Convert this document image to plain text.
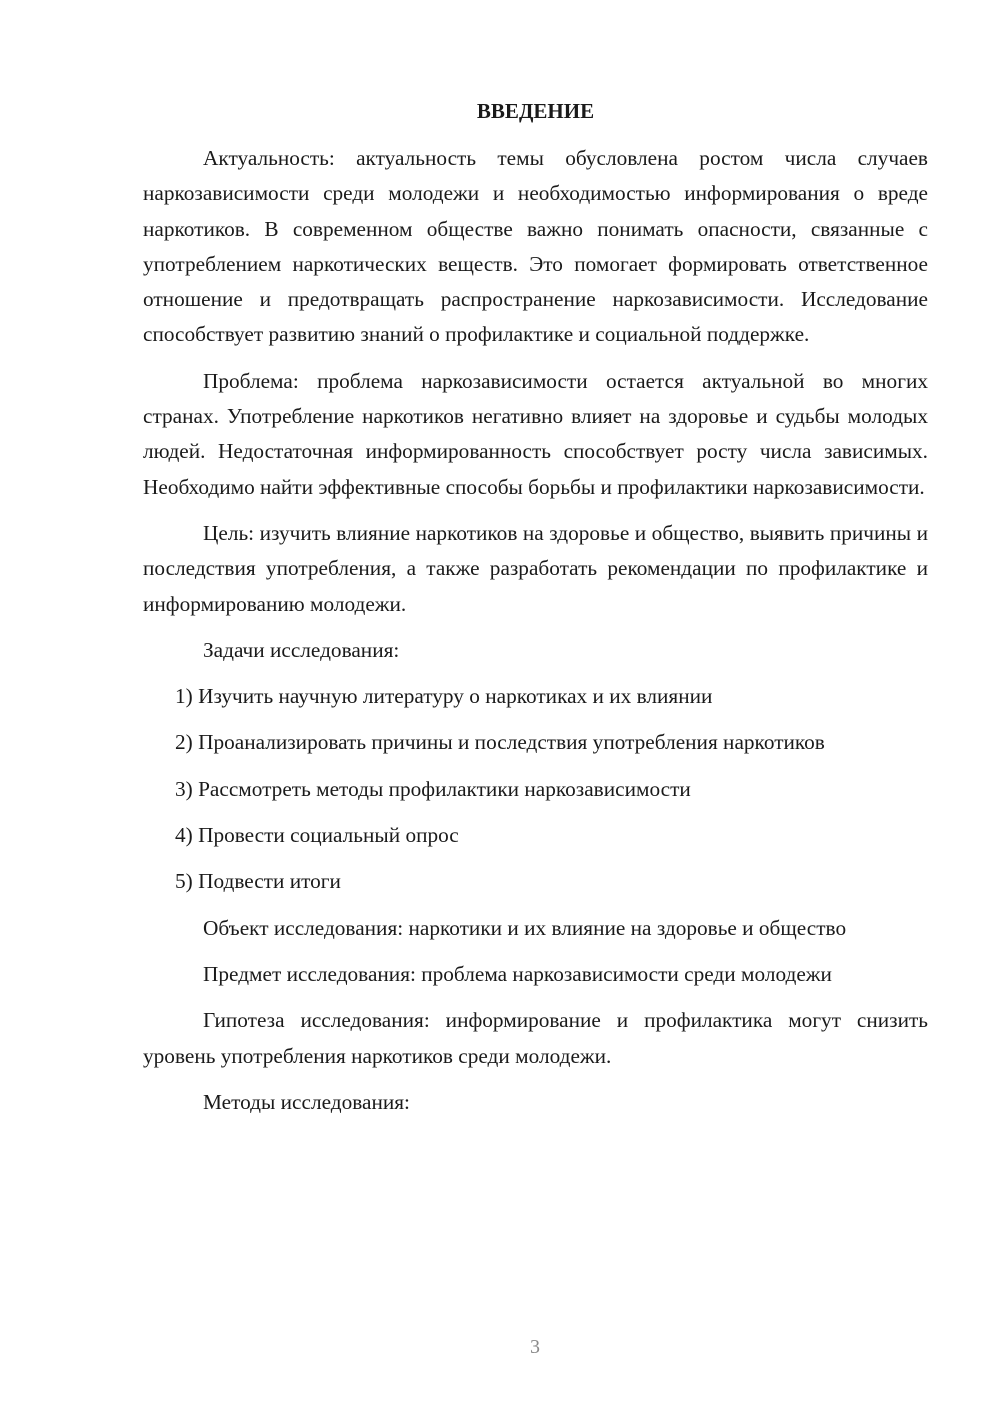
ВВЕДЕНИЕ

Актуальность: актуальность темы обусловлена ростом числа случаев наркозависимости среди молодежи и необходимостью информирования о вреде наркотиков. В современном обществе важно понимать опасности, связанные с употреблением наркотических веществ. Это помогает формировать ответственное отношение и предотвращать распространение наркозависимости. Исследование способствует развитию знаний о профилактике и социальной поддержке.

Проблема: проблема наркозависимости остается актуальной во многих странах. Употребление наркотиков негативно влияет на здоровье и судьбы молодых людей. Недостаточная информированность способствует росту числа зависимых. Необходимо найти эффективные способы борьбы и профилактики наркозависимости.

Цель: изучить влияние наркотиков на здоровье и общество, выявить причины и последствия употребления, а также разработать рекомендации по профилактике и информированию молодежи.

Задачи исследования:

1) Изучить научную литературу о наркотиках и их влиянии

2) Проанализировать причины и последствия употребления наркотиков

3) Рассмотреть методы профилактики наркозависимости

4) Провести социальный опрос

5) Подвести итоги

Объект исследования: наркотики и их влияние на здоровье и общество

Предмет исследования: проблема наркозависимости среди молодежи

Гипотеза исследования: информирование и профилактика могут снизить уровень употребления наркотиков среди молодежи.

Методы исследования:

3
